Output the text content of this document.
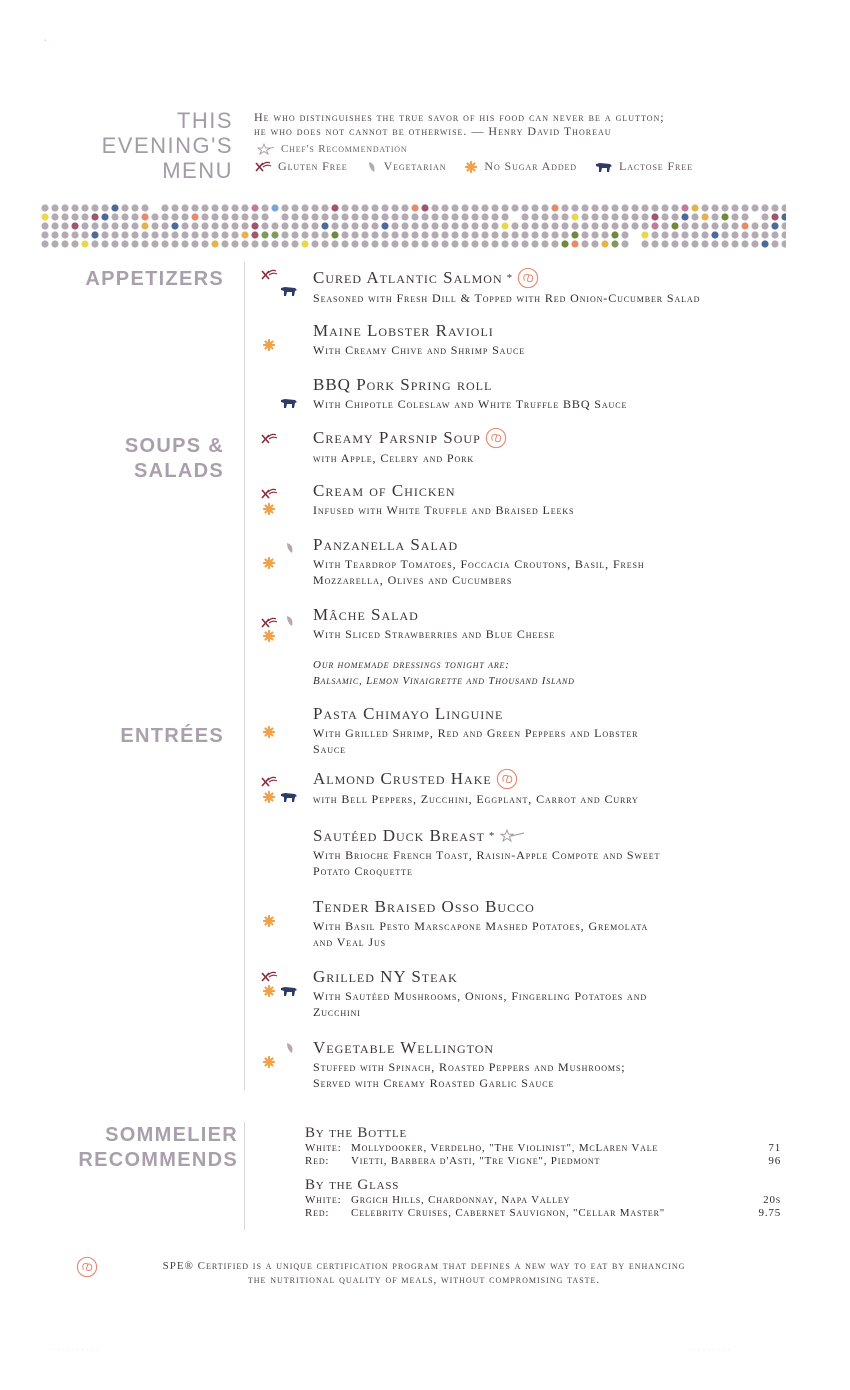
• .
THIS
EVENING'S
MENU
He who distinguishes the true savor of his food can never be a glutton;
he who does not cannot be otherwise. — Henry David Thoreau
Chef's Recommendation
Gluten Free	Vegetarian	No Sugar Added	Lactose Free
APPETIZERS
SOUPS &
SALADS
ENTRÉES
SOMMELIER
RECOMMENDS
Cured Atlantic Salmon *
Seasoned with Fresh Dill & Topped with Red Onion-Cucumber Salad
Maine Lobster Ravioli
With Creamy Chive and Shrimp Sauce
BBQ Pork Spring roll
With Chipotle Coleslaw and White Truffle BBQ Sauce
Creamy Parsnip Soup
with Apple, Celery and Pork
Cream of Chicken
Infused with White Truffle and Braised Leeks
Panzanella Salad
With Teardrop Tomatoes, Foccacia Croutons, Basil, Fresh
Mozzarella, Olives and Cucumbers
Mâche Salad
With Sliced Strawberries and Blue Cheese
Our homemade dressings tonight are:
Balsamic, Lemon Vinaigrette and Thousand Island
Pasta Chimayo Linguine
With Grilled Shrimp, Red and Green Peppers and Lobster
Sauce
Almond Crusted Hake
with Bell Peppers, Zucchini, Eggplant, Carrot and Curry
Sautéed Duck Breast *
With Brioche French Toast, Raisin-Apple Compote and Sweet
Potato Croquette
Tender Braised Osso Bucco
With Basil Pesto Marscapone Mashed Potatoes, Gremolata
and Veal Jus
Grilled NY Steak
With Sautéed Mushrooms, Onions, Fingerling Potatoes and
Zucchini
Vegetable Wellington
Stuffed with Spinach, Roasted Peppers and Mushrooms;
Served with Creamy Roasted Garlic Sauce
By the Bottle
White: Mollydooker, Verdelho, "The Violinist", McLaren Vale	71
Red:	Vietti, Barbera d'Asti, "Tre Vigne", Piedmont	96
By the Glass
White: Grgich Hills, Chardonnay, Napa Valley	20s
Red:	Celebrity Cruises, Cabernet Sauvignon, "Cellar Master"	9.75
SPE® Certified is a unique certification program that defines a new way to eat by enhancing
the nutritional quality of meals, without compromising taste.
· · · · · · · · · ·	· · · · · · · · ·
